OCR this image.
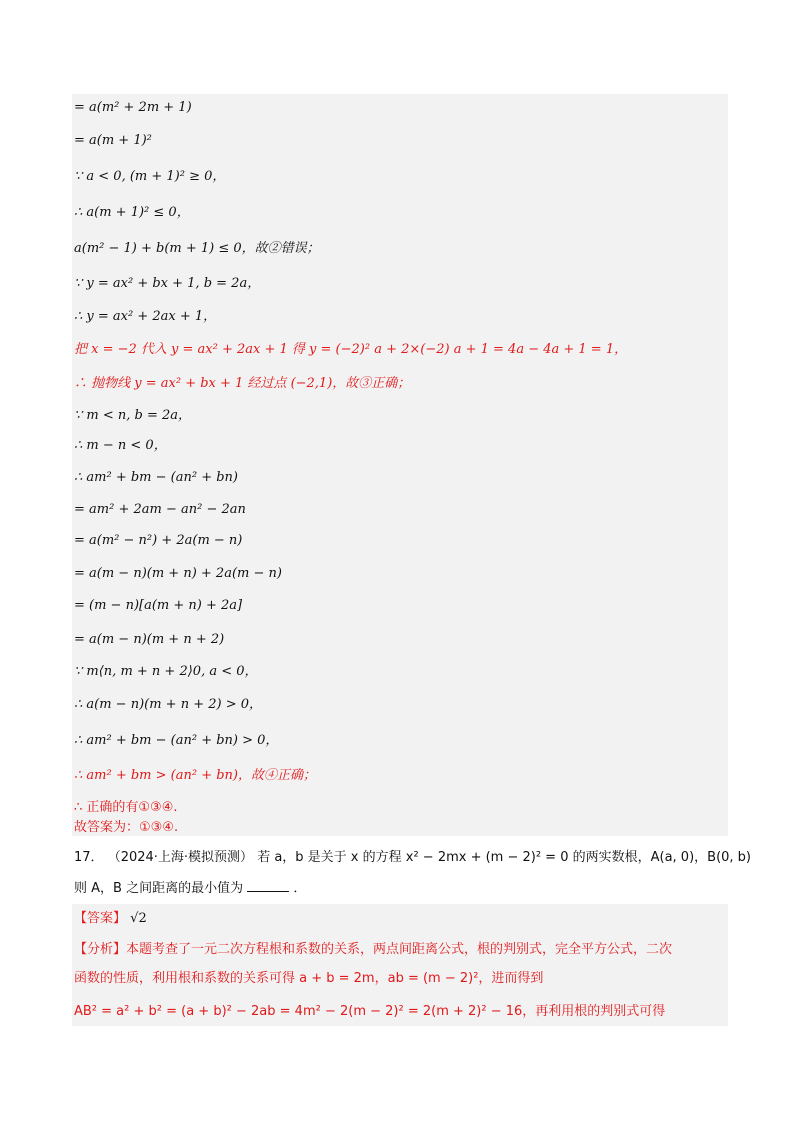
= a(m² + 2m + 1)
= a(m + 1)²
∵ a < 0, (m + 1)² ≥ 0，
∴ a(m + 1)² ≤ 0，
a(m² − 1) + b(m + 1) ≤ 0，故②错误；
∵ y = ax² + bx + 1, b = 2a，
∴ y = ax² + 2ax + 1，
把 x = −2 代入 y = ax² + 2ax + 1 得 y = (−2)² a + 2×(−2) a + 1 = 4a − 4a + 1 = 1，
∴ 抛物线 y = ax² + bx + 1 经过点 (−2,1)，故③正确；
∵ m < n, b = 2a，
∴ m − n < 0，
∴ am² + bm − (an² + bn)
= am² + 2am − an² − 2an
= a(m² − n²) + 2a(m − n)
= a(m − n)(m + n) + 2a(m − n)
= (m − n)[a(m + n) + 2a]
= a(m − n)(m + n + 2)
∵ m⟨n, m + n + 2⟩0, a < 0，
∴ a(m − n)(m + n + 2) > 0，
∴ am² + bm − (an² + bn) > 0，
∴ am² + bm > (an² + bn)，故④正确；
∴ 正确的有①③④.
故答案为：①③④.
17． （2024·上海·模拟预测） 若 a，b 是关于 x 的方程 x² − 2mx + (m − 2)² = 0 的两实数根，A(a, 0)，B(0, b)
则 A，B 之间距离的最小值为	．
【答案】 √2
【分析】本题考查了一元二次方程根和系数的关系，两点间距离公式，根的判别式，完全平方公式，二次
函数的性质，利用根和系数的关系可得 a + b = 2m，ab = (m − 2)²，进而得到
AB² = a² + b² = (a + b)² − 2ab = 4m² − 2(m − 2)² = 2(m + 2)² − 16，再利用根的判别式可得
